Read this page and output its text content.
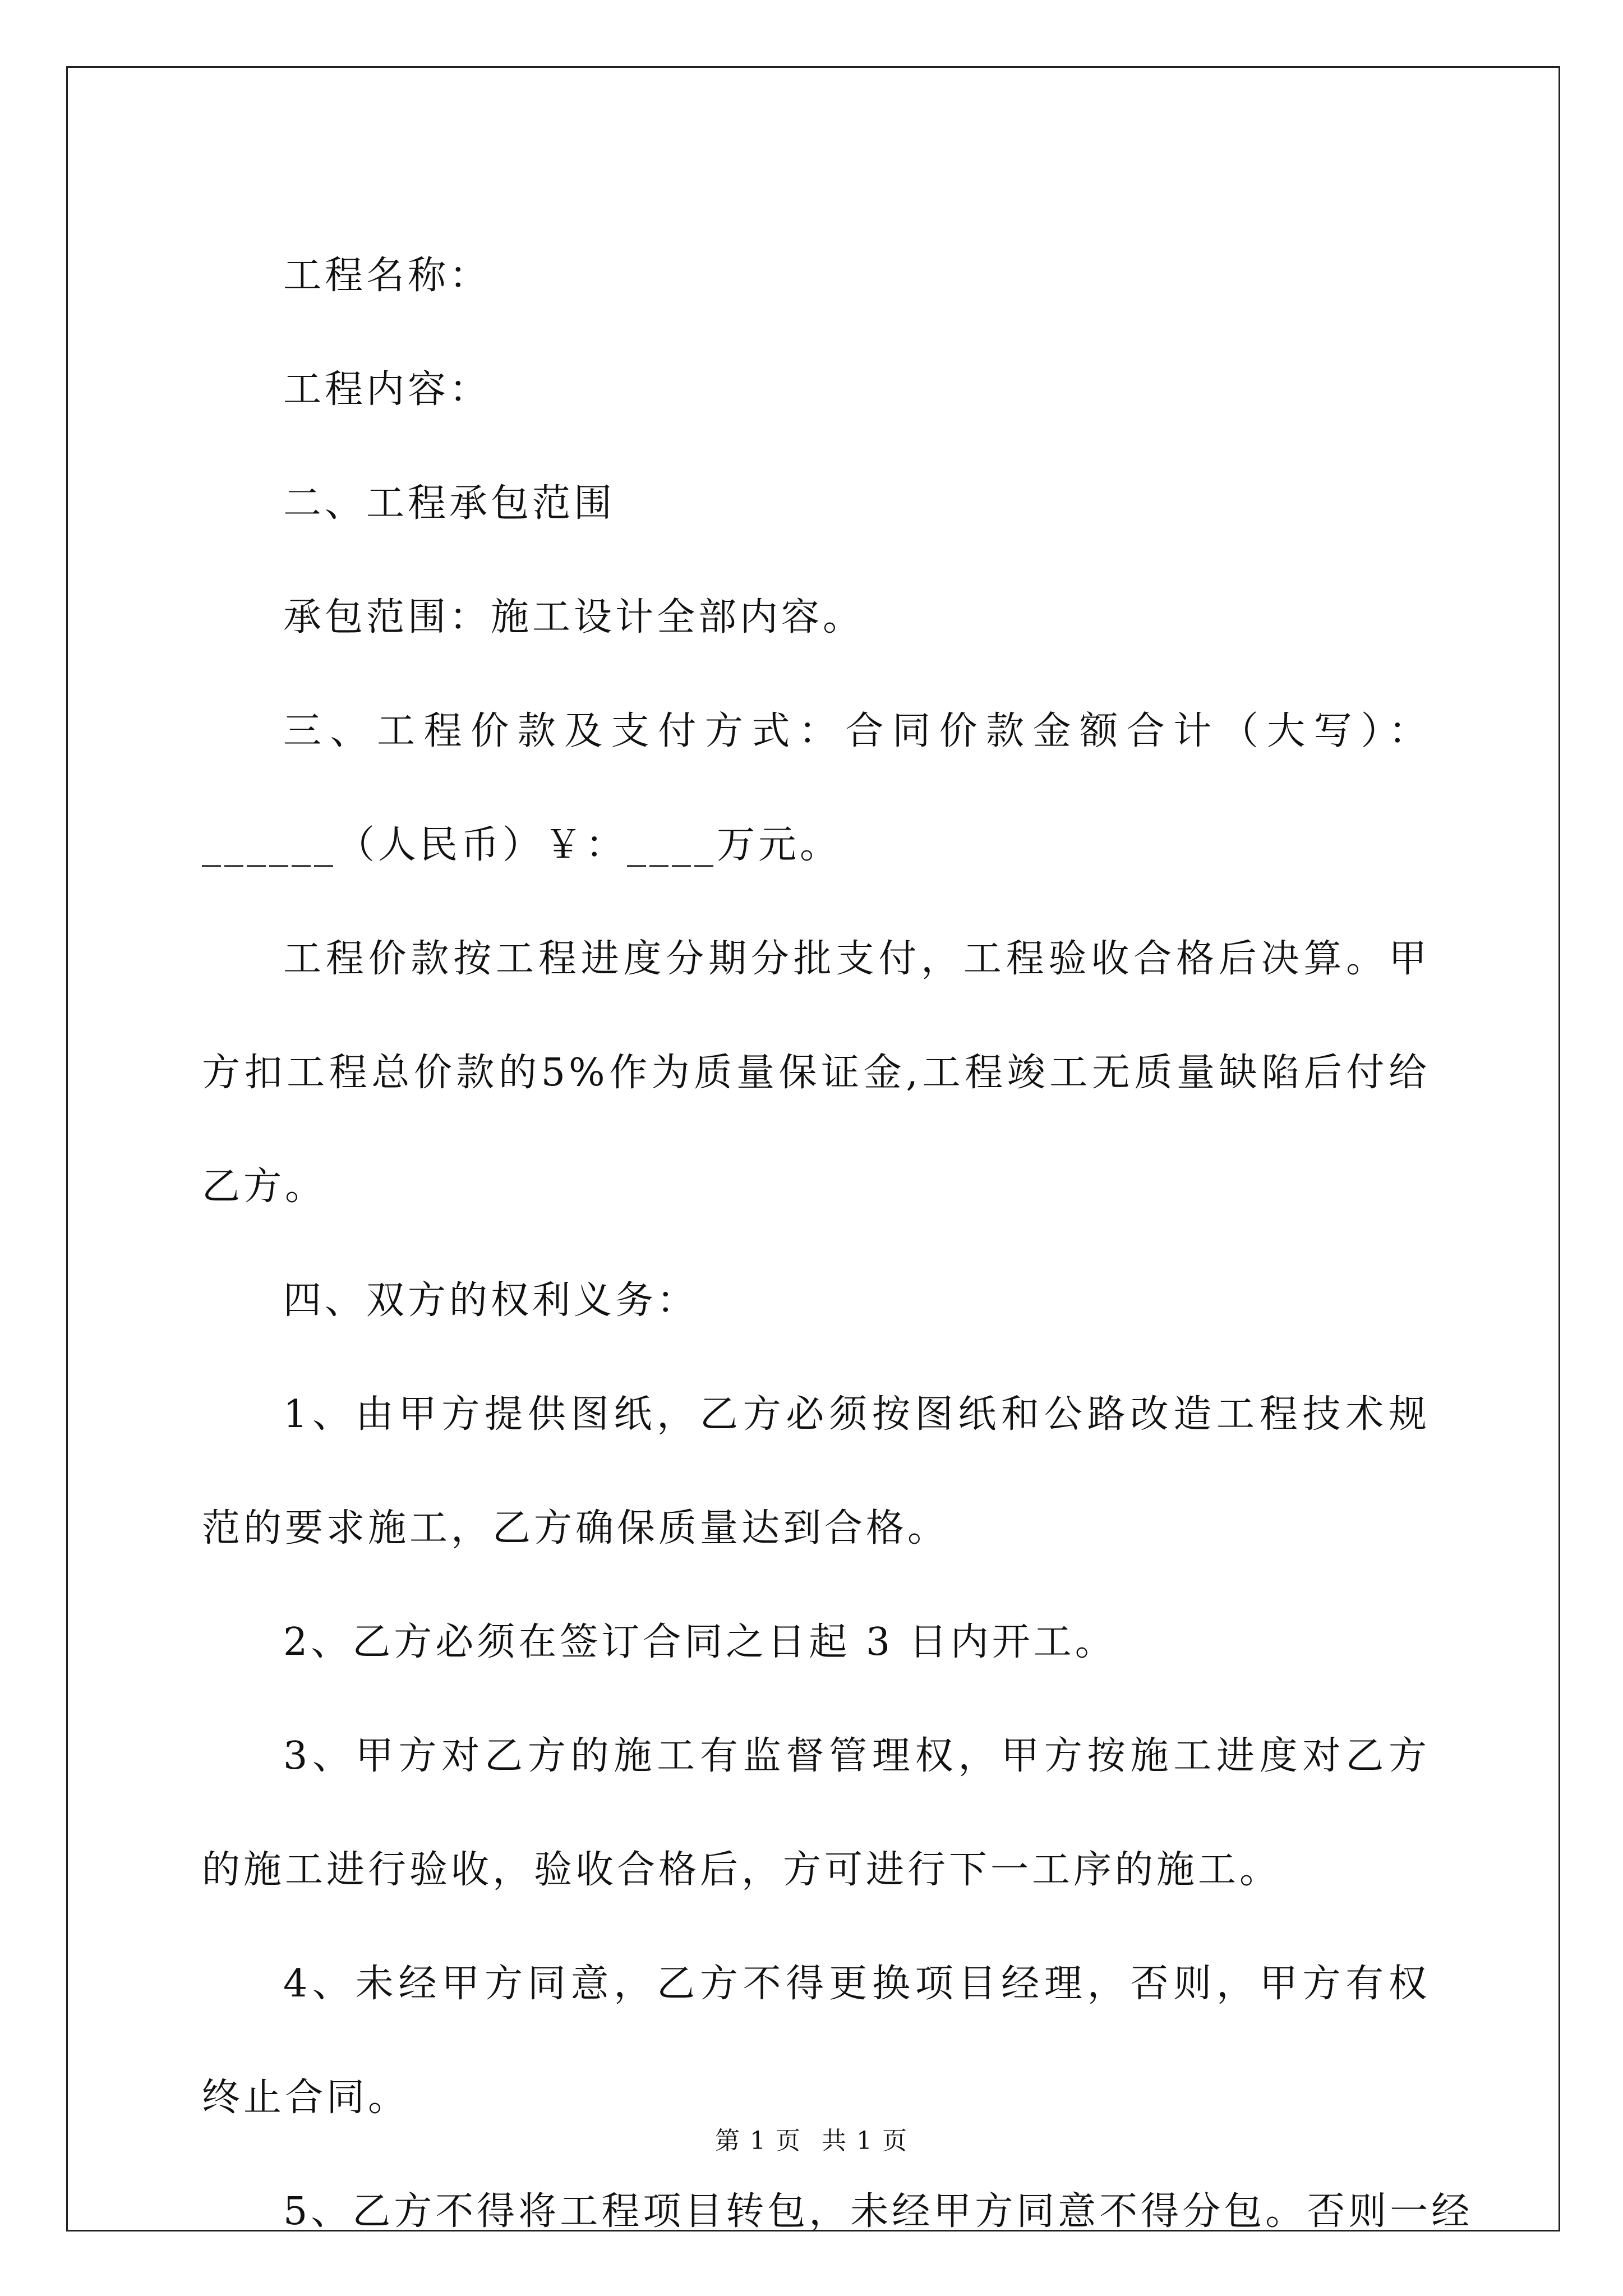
工程名称：

工程内容：

二、工程承包范围

承包范围：施工设计全部内容。

三、工程价款及支付方式：合同价款金额合计（大写）：______（人民币）￥：____万元。

工程价款按工程进度分期分批支付，工程验收合格后决算。甲方扣工程总价款的5%作为质量保证金,工程竣工无质量缺陷后付给乙方。

四、双方的权利义务：

1、由甲方提供图纸，乙方必须按图纸和公路改造工程技术规范的要求施工，乙方确保质量达到合格。

2、乙方必须在签订合同之日起 3 日内开工。

3、甲方对乙方的施工有监督管理权，甲方按施工进度对乙方的施工进行验收，验收合格后，方可进行下一工序的施工。

4、未经甲方同意，乙方不得更换项目经理，否则，甲方有权终止合同。

5、乙方不得将工程项目转包，未经甲方同意不得分包。否则一经

第 1 页 共 1 页
